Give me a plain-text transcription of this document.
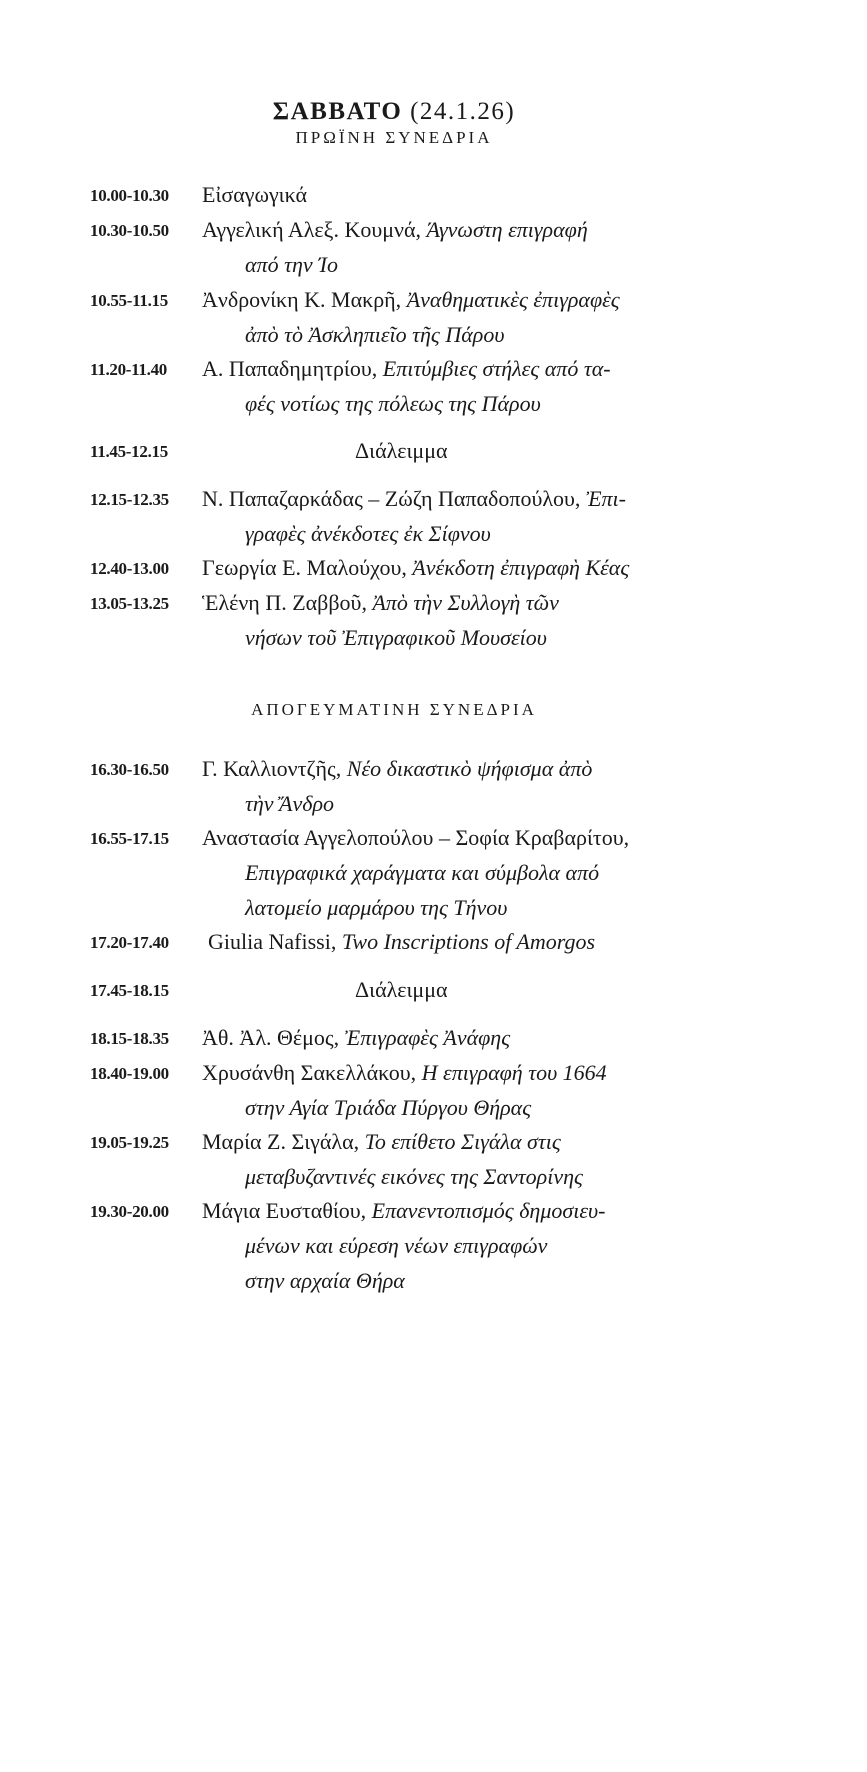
ΣΑΒΒΑΤΟ (24.1.26)
ΠΡΩΪΝΗ ΣΥΝΕΔΡΙΑ
10.00-10.30 Εἰσαγωγικά
10.30-10.50 Αγγελική Αλεξ. Κουμνά, Άγνωστη επιγραφή
από την Ίο
10.55-11.15 Ἀνδρονίκη Κ. Μακρῆ, Ἀναθηματικὲς ἐπιγραφὲς
ἀπὸ τὸ Ἀσκληπιεῖο τῆς Πάρου
11.20-11.40 Α. Παπαδημητρίου, Επιτύμβιες στήλες από τα-
φές νοτίως της πόλεως της Πάρου
11.45-12.15	Διάλειμμα
12.15-12.35 Ν. Παπαζαρκάδας – Ζώζη Παπαδοπούλου, Ἐπι-
γραφὲς ἀνέκδοτες ἐκ Σίφνου
12.40-13.00 Γεωργία Ε. Μαλούχου, Ἀνέκδοτη ἐπιγραφὴ Κέας
13.05-13.25 Ἑλένη Π. Ζαββοῦ, Ἀπὸ τὴν Συλλογὴ τῶν
νήσων τοῦ Ἐπιγραφικοῦ Μουσείου
ΑΠΟΓΕΥΜΑΤΙΝΗ ΣΥΝΕΔΡΙΑ
16.30-16.50 Γ. Καλλιοντζῆς, Νέο δικαστικὸ ψήφισμα ἀπὸ
τὴν Ἄνδρο
16.55-17.15 Αναστασία Αγγελοπούλου – Σοφία Κραβαρίτου,
Επιγραφικά χαράγματα και σύμβολα από
λατομείο μαρμάρου της Τήνου
17.20-17.40 Giulia Nafissi, Two Inscriptions of Amorgos
17.45-18.15	Διάλειμμα
18.15-18.35 Ἀθ. Ἀλ. Θέμος, Ἐπιγραφὲς Ἀνάφης
18.40-19.00 Χρυσάνθη Σακελλάκου, Η επιγραφή του 1664
στην Αγία Τριάδα Πύργου Θήρας
19.05-19.25 Μαρία Ζ. Σιγάλα, Το επίθετο Σιγάλα στις
μεταβυζαντινές εικόνες της Σαντορίνης
19.30-20.00 Μάγια Ευσταθίου, Επανεντοπισμός δημοσιευ-
μένων και εύρεση νέων επιγραφών
στην αρχαία Θήρα
